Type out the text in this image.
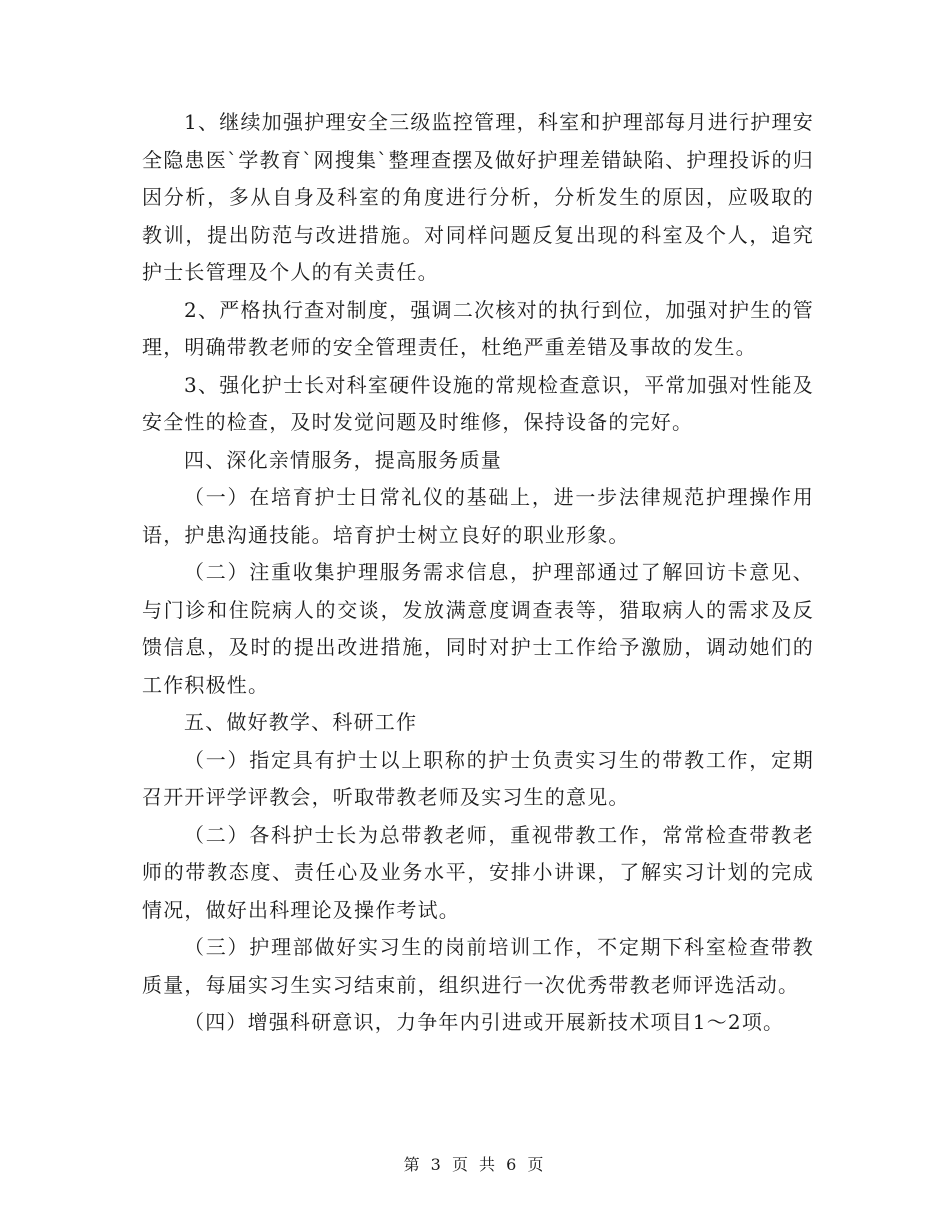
1、继续加强护理安全三级监控管理，科室和护理部每月进行护理安全隐患医`学教育`网搜集`整理查摆及做好护理差错缺陷、护理投诉的归因分析，多从自身及科室的角度进行分析，分析发生的原因，应吸取的教训，提出防范与改进措施。对同样问题反复出现的科室及个人，追究护士长管理及个人的有关责任。

2、严格执行查对制度，强调二次核对的执行到位，加强对护生的管理，明确带教老师的安全管理责任，杜绝严重差错及事故的发生。

3、强化护士长对科室硬件设施的常规检查意识，平常加强对性能及安全性的检查，及时发觉问题及时维修，保持设备的完好。

四、深化亲情服务，提高服务质量

（一）在培育护士日常礼仪的基础上，进一步法律规范护理操作用语，护患沟通技能。培育护士树立良好的职业形象。

（二）注重收集护理服务需求信息，护理部通过了解回访卡意见、与门诊和住院病人的交谈，发放满意度调查表等，猎取病人的需求及反馈信息，及时的提出改进措施，同时对护士工作给予激励，调动她们的工作积极性。

五、做好教学、科研工作

（一）指定具有护士以上职称的护士负责实习生的带教工作，定期召开开评学评教会，听取带教老师及实习生的意见。

（二）各科护士长为总带教老师，重视带教工作，常常检查带教老师的带教态度、责任心及业务水平，安排小讲课，了解实习计划的完成情况，做好出科理论及操作考试。

（三）护理部做好实习生的岗前培训工作，不定期下科室检查带教质量，每届实习生实习结束前，组织进行一次优秀带教老师评选活动。

（四）增强科研意识，力争年内引进或开展新技术项目1～2项。

第 3 页 共 6 页
